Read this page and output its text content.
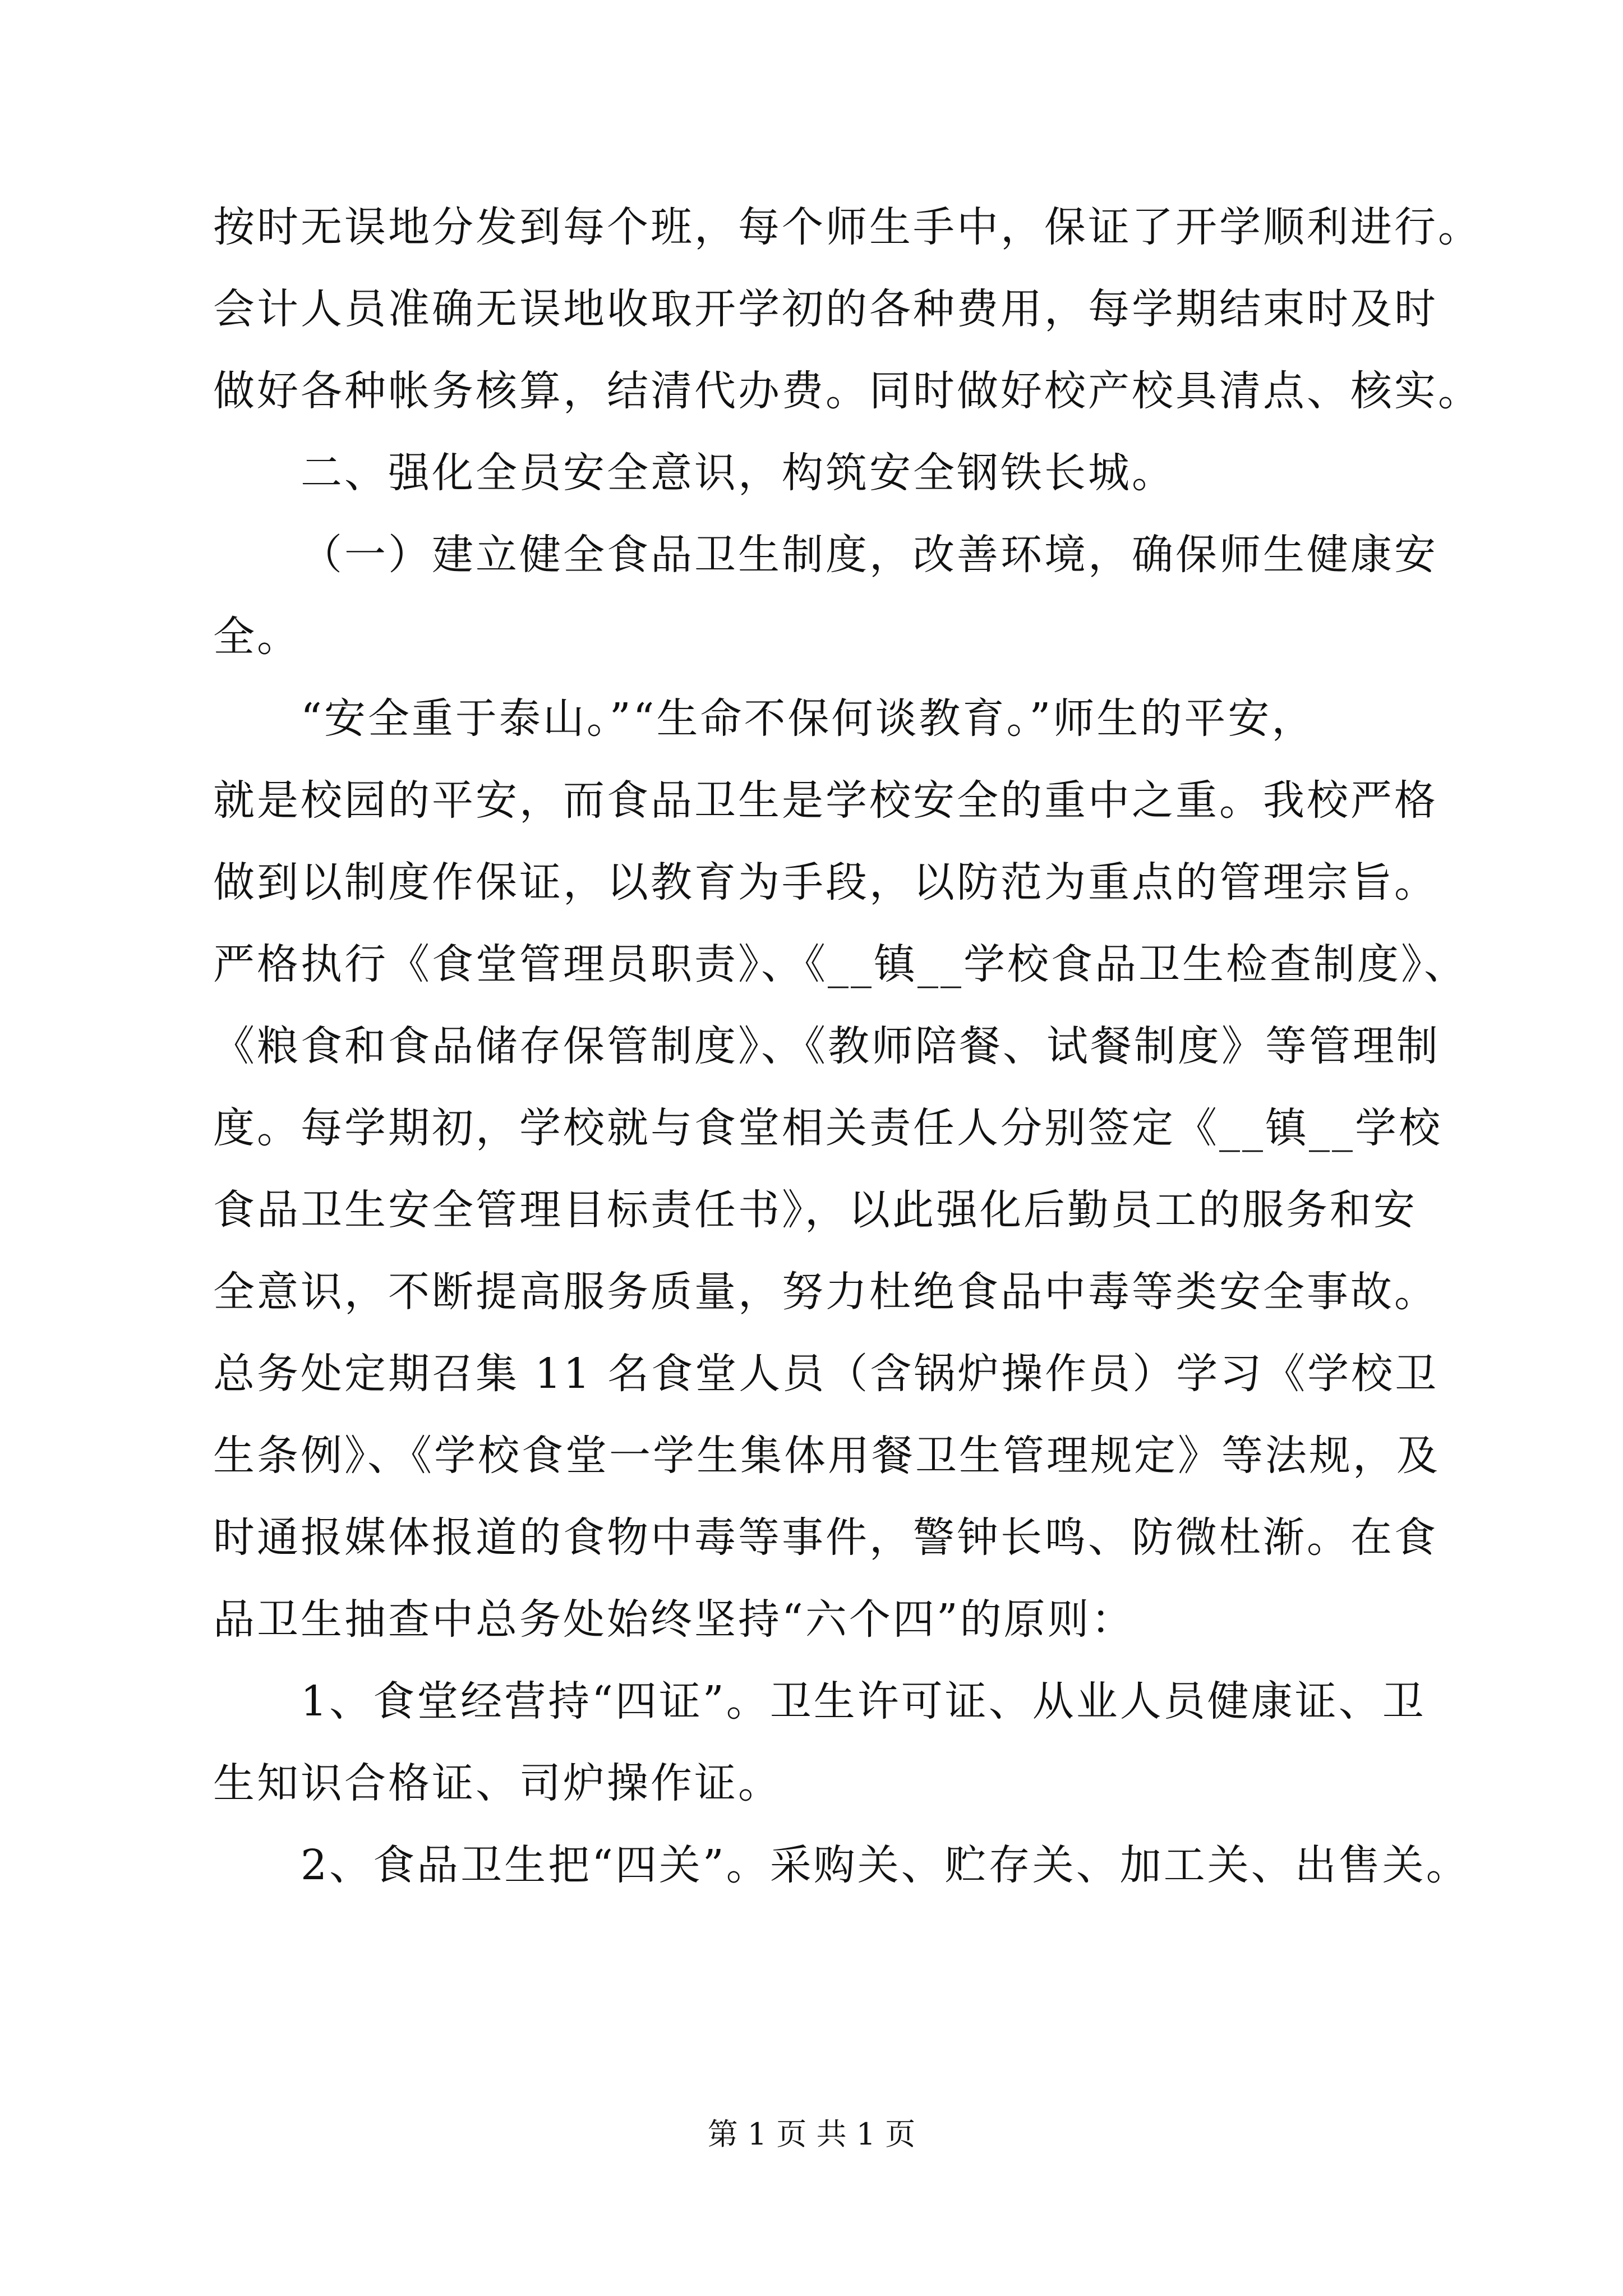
按时无误地分发到每个班，每个师生手中，保证了开学顺利进行。
会计人员准确无误地收取开学初的各种费用，每学期结束时及时
做好各种帐务核算，结清代办费。同时做好校产校具清点、核实。
二、强化全员安全意识，构筑安全钢铁长城。
（一）建立健全食品卫生制度，改善环境，确保师生健康安
全。
“安全重于泰山。”“生命不保何谈教育。”师生的平安，
就是校园的平安，而食品卫生是学校安全的重中之重。我校严格
做到以制度作保证，以教育为手段，以防范为重点的管理宗旨。
严格执行《食堂管理员职责》、《__镇__学校食品卫生检查制度》、
《粮食和食品储存保管制度》、《教师陪餐、试餐制度》等管理制
度。每学期初，学校就与食堂相关责任人分别签定《__镇__学校
食品卫生安全管理目标责任书》，以此强化后勤员工的服务和安
全意识，不断提高服务质量，努力杜绝食品中毒等类安全事故。
总务处定期召集 11 名食堂人员（含锅炉操作员）学习《学校卫
生条例》、《学校食堂一学生集体用餐卫生管理规定》等法规，及
时通报媒体报道的食物中毒等事件，警钟长鸣、防微杜渐。在食
品卫生抽查中总务处始终坚持“六个四”的原则：
1、食堂经营持“四证”。卫生许可证、从业人员健康证、卫
生知识合格证、司炉操作证。
2、食品卫生把“四关”。采购关、贮存关、加工关、出售关。
第 1 页 共 1 页
